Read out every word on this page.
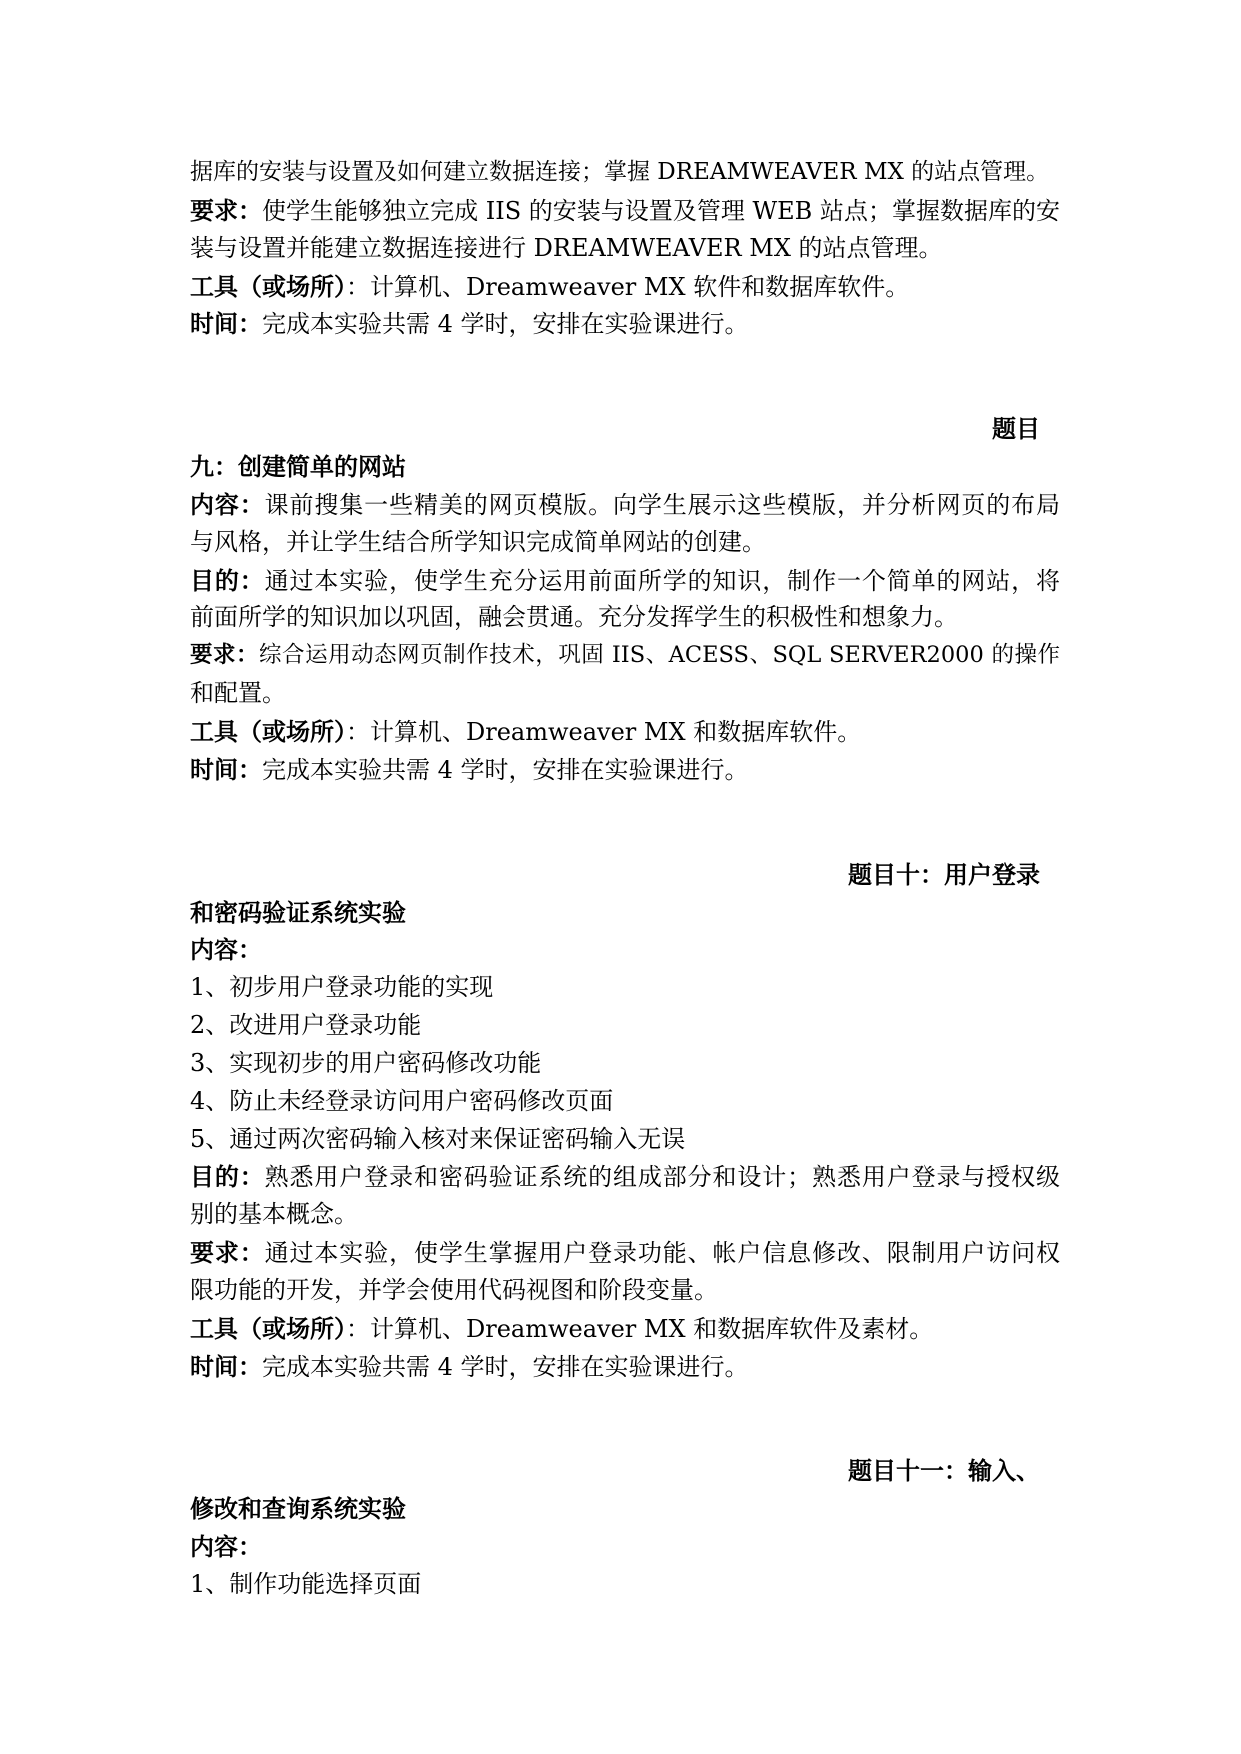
据库的安装与设置及如何建立数据连接；掌握 DREAMWEAVER MX 的站点管理。
要求：使学生能够独立完成 IIS 的安装与设置及管理 WEB 站点；掌握数据库的安
装与设置并能建立数据连接进行 DREAMWEAVER MX 的站点管理。
工具（或场所）：计算机、Dreamweaver MX 软件和数据库软件。
时间：完成本实验共需 4 学时，安排在实验课进行。
题目
九：创建简单的网站
内容：课前搜集一些精美的网页模版。向学生展示这些模版，并分析网页的布局
与风格，并让学生结合所学知识完成简单网站的创建。
目的：通过本实验，使学生充分运用前面所学的知识，制作一个简单的网站，将
前面所学的知识加以巩固，融会贯通。充分发挥学生的积极性和想象力。
要求：综合运用动态网页制作技术，巩固 IIS、ACESS、SQL SERVER2000 的操作
和配置。
工具（或场所）：计算机、Dreamweaver MX 和数据库软件。
时间：完成本实验共需 4 学时，安排在实验课进行。
题目十：用户登录
和密码验证系统实验
内容：
1、初步用户登录功能的实现
2、改进用户登录功能
3、实现初步的用户密码修改功能
4、防止未经登录访问用户密码修改页面
5、通过两次密码输入核对来保证密码输入无误
目的：熟悉用户登录和密码验证系统的组成部分和设计；熟悉用户登录与授权级
别的基本概念。
要求：通过本实验，使学生掌握用户登录功能、帐户信息修改、限制用户访问权
限功能的开发，并学会使用代码视图和阶段变量。
工具（或场所）：计算机、Dreamweaver MX 和数据库软件及素材。
时间：完成本实验共需 4 学时，安排在实验课进行。
题目十一：输入、
修改和查询系统实验
内容：
1、制作功能选择页面
